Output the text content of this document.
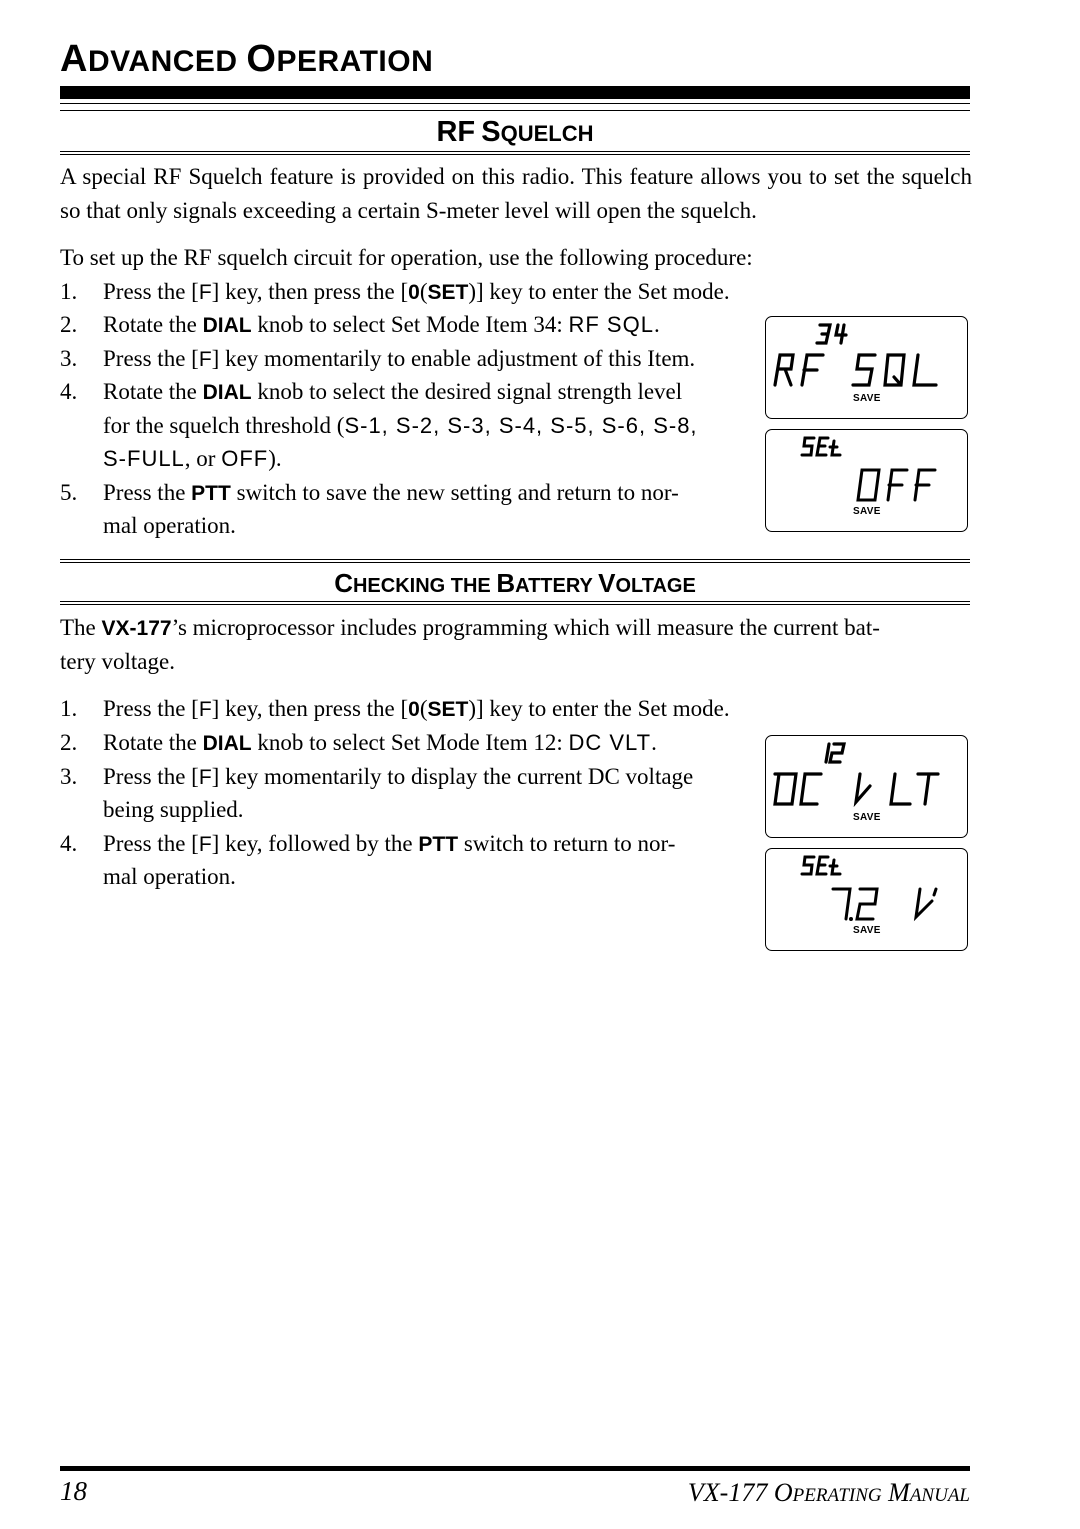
ADVANCED OPERATION
RF SQUELCH
A special RF Squelch feature is provided on this radio. This feature allows you to set the squelch so that only signals exceeding a certain S-meter level will open the squelch.
To set up the RF squelch circuit for operation, use the following procedure:
1.	Press the [F] key, then press the [0(SET)] key to enter the Set mode.
2.	Rotate the DIAL knob to select Set Mode Item 34: RF SQL.
3.	Press the [F] key momentarily to enable adjustment of this Item.
4.	Rotate the DIAL knob to select the desired signal strength level
for the squelch threshold (S-1, S-2, S-3, S-4, S-5, S-6, S-8,
S-FULL, or OFF).
5.	Press the PTT switch to save the new setting and return to nor-
mal operation.
SAVE
SAVE
CHECKING THE BATTERY VOLTAGE
The VX-177’s microprocessor includes programming which will measure the current bat-
tery voltage.
1.	Press the [F] key, then press the [0(SET)] key to enter the Set mode.
2.	Rotate the DIAL knob to select Set Mode Item 12: DC VLT.
3.	Press the [F] key momentarily to display the current DC voltage
being supplied.
4.	Press the [F] key, followed by the PTT switch to return to nor-
mal operation.
SAVE
SAVE
18	VX-177 OPERATING MANUAL
